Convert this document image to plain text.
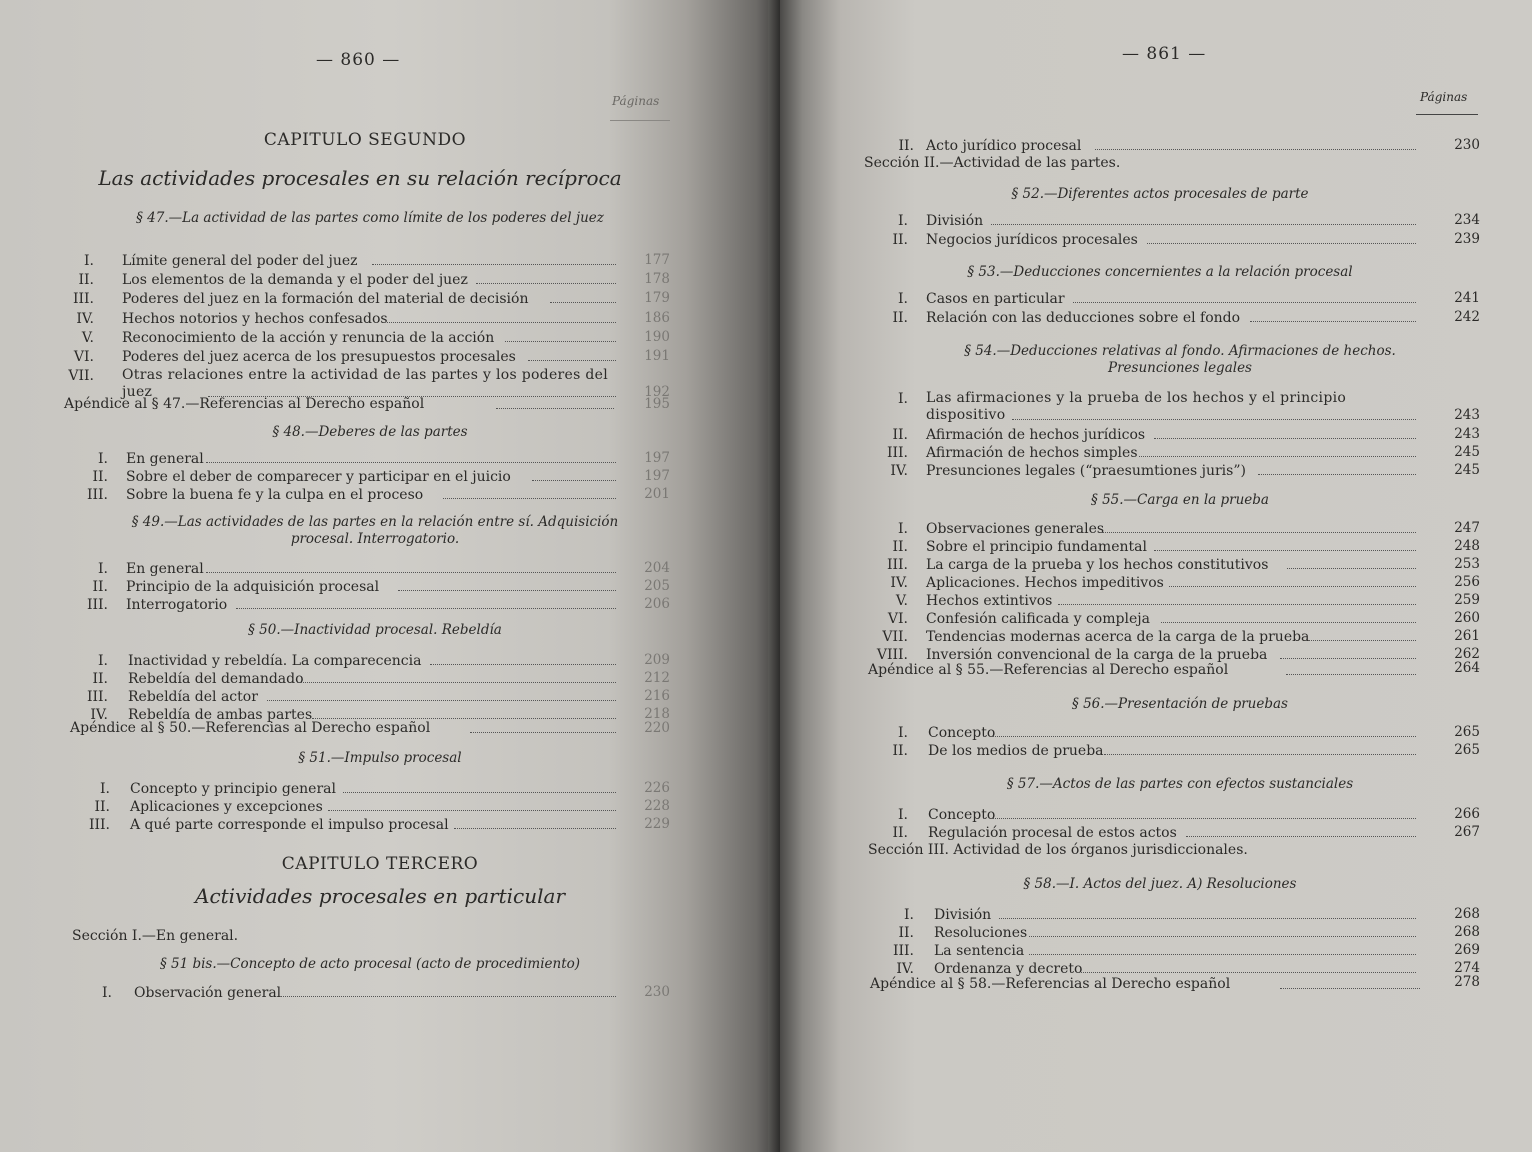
— 860 —
Páginas
CAPITULO SEGUNDO
Las actividades procesales en su relación recíproca
§ 47.—La actividad de las partes como límite de los poderes del juez
I. Límite general del poder del juez	177
II. Los elementos de la demanda y el poder del juez	178
III. Poderes del juez en la formación del material de decisión	179
IV. Hechos notorios y hechos confesados	186
V. Reconocimiento de la acción y renuncia de la acción	190
VI. Poderes del juez acerca de los presupuestos procesales	191
VII. Otras relaciones entre la actividad de las partes y los poderes del juez	192
Apéndice al § 47.—Referencias al Derecho español	195
§ 48.—Deberes de las partes
I. En general	197
II. Sobre el deber de comparecer y participar en el juicio	197
III. Sobre la buena fe y la culpa en el proceso	201
§ 49.—Las actividades de las partes en la relación entre sí. Adquisición procesal. Interrogatorio.
I. En general	204
II. Principio de la adquisición procesal	205
III. Interrogatorio	206
§ 50.—Inactividad procesal. Rebeldía
I. Inactividad y rebeldía. La comparecencia	209
II. Rebeldía del demandado	212
III. Rebeldía del actor	216
IV. Rebeldía de ambas partes	218
Apéndice al § 50.—Referencias al Derecho español	220
§ 51.—Impulso procesal
I. Concepto y principio general	226
II. Aplicaciones y excepciones	228
III. A qué parte corresponde el impulso procesal	229
CAPITULO TERCERO
Actividades procesales en particular
Sección I.—En general.
§ 51 bis.—Concepto de acto procesal (acto de procedimiento)
I. Observación general	230
— 861 —
Páginas
II. Acto jurídico procesal	230
Sección II.—Actividad de las partes.
§ 52.—Diferentes actos procesales de parte
I. División	234
II. Negocios jurídicos procesales	239
§ 53.—Deducciones concernientes a la relación procesal
I. Casos en particular	241
II. Relación con las deducciones sobre el fondo	242
§ 54.—Deducciones relativas al fondo. Afirmaciones de hechos. Presunciones legales
I. Las afirmaciones y la prueba de los hechos y el principio dispositivo	243
II. Afirmación de hechos jurídicos	243
III. Afirmación de hechos simples	245
IV. Presunciones legales (“praesumtiones juris”)	245
§ 55.—Carga en la prueba
I. Observaciones generales	247
II. Sobre el principio fundamental	248
III. La carga de la prueba y los hechos constitutivos	253
IV. Aplicaciones. Hechos impeditivos	256
V. Hechos extintivos	259
VI. Confesión calificada y compleja	260
VII. Tendencias modernas acerca de la carga de la prueba	261
VIII. Inversión convencional de la carga de la prueba	262
Apéndice al § 55.—Referencias al Derecho español	264
§ 56.—Presentación de pruebas
I. Concepto	265
II. De los medios de prueba	265
§ 57.—Actos de las partes con efectos sustanciales
I. Concepto	266
II. Regulación procesal de estos actos	267
Sección III. Actividad de los órganos jurisdiccionales.
§ 58.—I. Actos del juez. A) Resoluciones
I. División	268
II. Resoluciones	268
III. La sentencia	269
IV. Ordenanza y decreto	274
Apéndice al § 58.—Referencias al Derecho español	278
